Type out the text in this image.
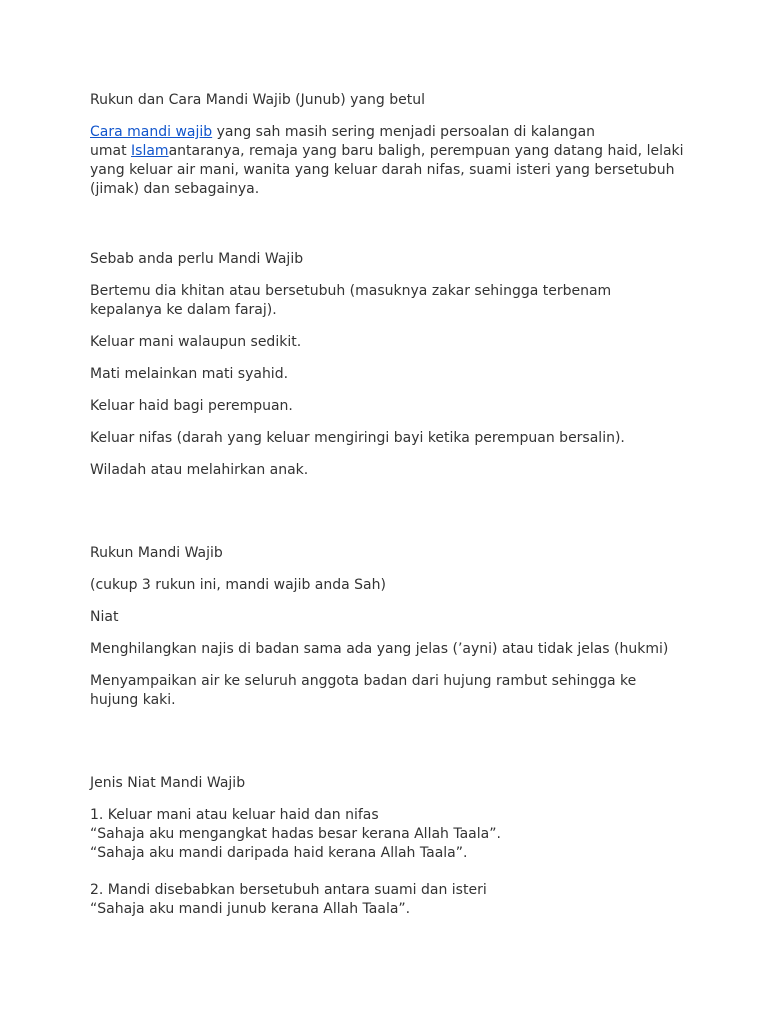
Rukun dan Cara Mandi Wajib (Junub) yang betul

Cara mandi wajib yang sah masih sering menjadi persoalan di kalangan
umat Islamantaranya, remaja yang baru baligh, perempuan yang datang haid, lelaki
yang keluar air mani, wanita yang keluar darah nifas, suami isteri yang bersetubuh
(jimak) dan sebagainya.

Sebab anda perlu Mandi Wajib

Bertemu dia khitan atau bersetubuh (masuknya zakar sehingga terbenam
kepalanya ke dalam faraj).

Keluar mani walaupun sedikit.

Mati melainkan mati syahid.

Keluar haid bagi perempuan.

Keluar nifas (darah yang keluar mengiringi bayi ketika perempuan bersalin).

Wiladah atau melahirkan anak.

Rukun Mandi Wajib

(cukup 3 rukun ini, mandi wajib anda Sah)

Niat

Menghilangkan najis di badan sama ada yang jelas (’ayni) atau tidak jelas (hukmi)

Menyampaikan air ke seluruh anggota badan dari hujung rambut sehingga ke
hujung kaki.

Jenis Niat Mandi Wajib

1. Keluar mani atau keluar haid dan nifas
“Sahaja aku mengangkat hadas besar kerana Allah Taala”.
“Sahaja aku mandi daripada haid kerana Allah Taala”.
2. Mandi disebabkan bersetubuh antara suami dan isteri
“Sahaja aku mandi junub kerana Allah Taala”.
